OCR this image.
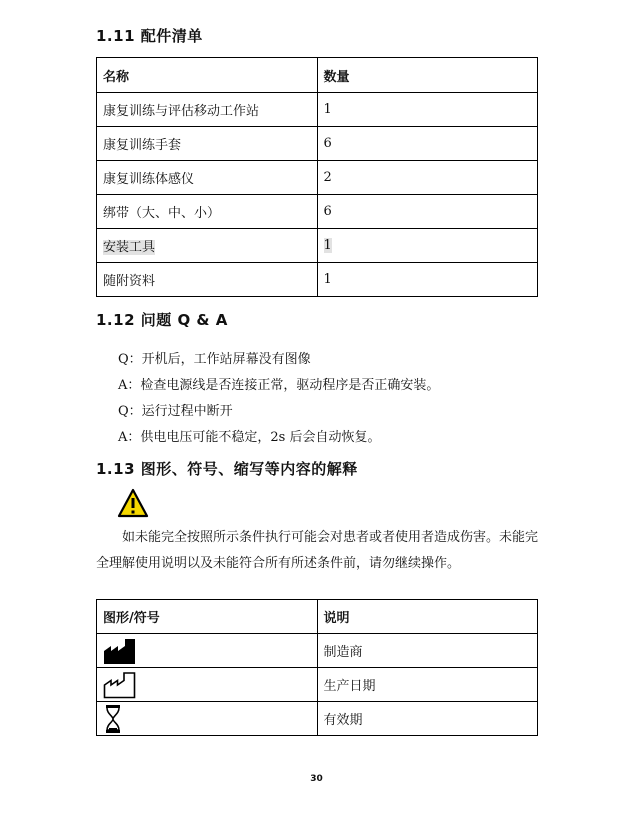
1.11 配件清单
名称	数量
康复训练与评估移动工作站	1
康复训练手套	6
康复训练体感仪	2
绑带（大、中、小）	6
安装工具	1
随附资料	1
1.12 问题 Q & A
Q：开机后，工作站屏幕没有图像
A：检查电源线是否连接正常，驱动程序是否正确安装。
Q：运行过程中断开
A：供电电压可能不稳定，2s 后会自动恢复。
1.13 图形、符号、缩写等内容的解释
如未能完全按照所示条件执行可能会对患者或者使用者造成伤害。未能完全理解使用说明以及未能符合所有所述条件前，请勿继续操作。
图形/符号	说明

	制造商

	生产日期

	有效期
30
